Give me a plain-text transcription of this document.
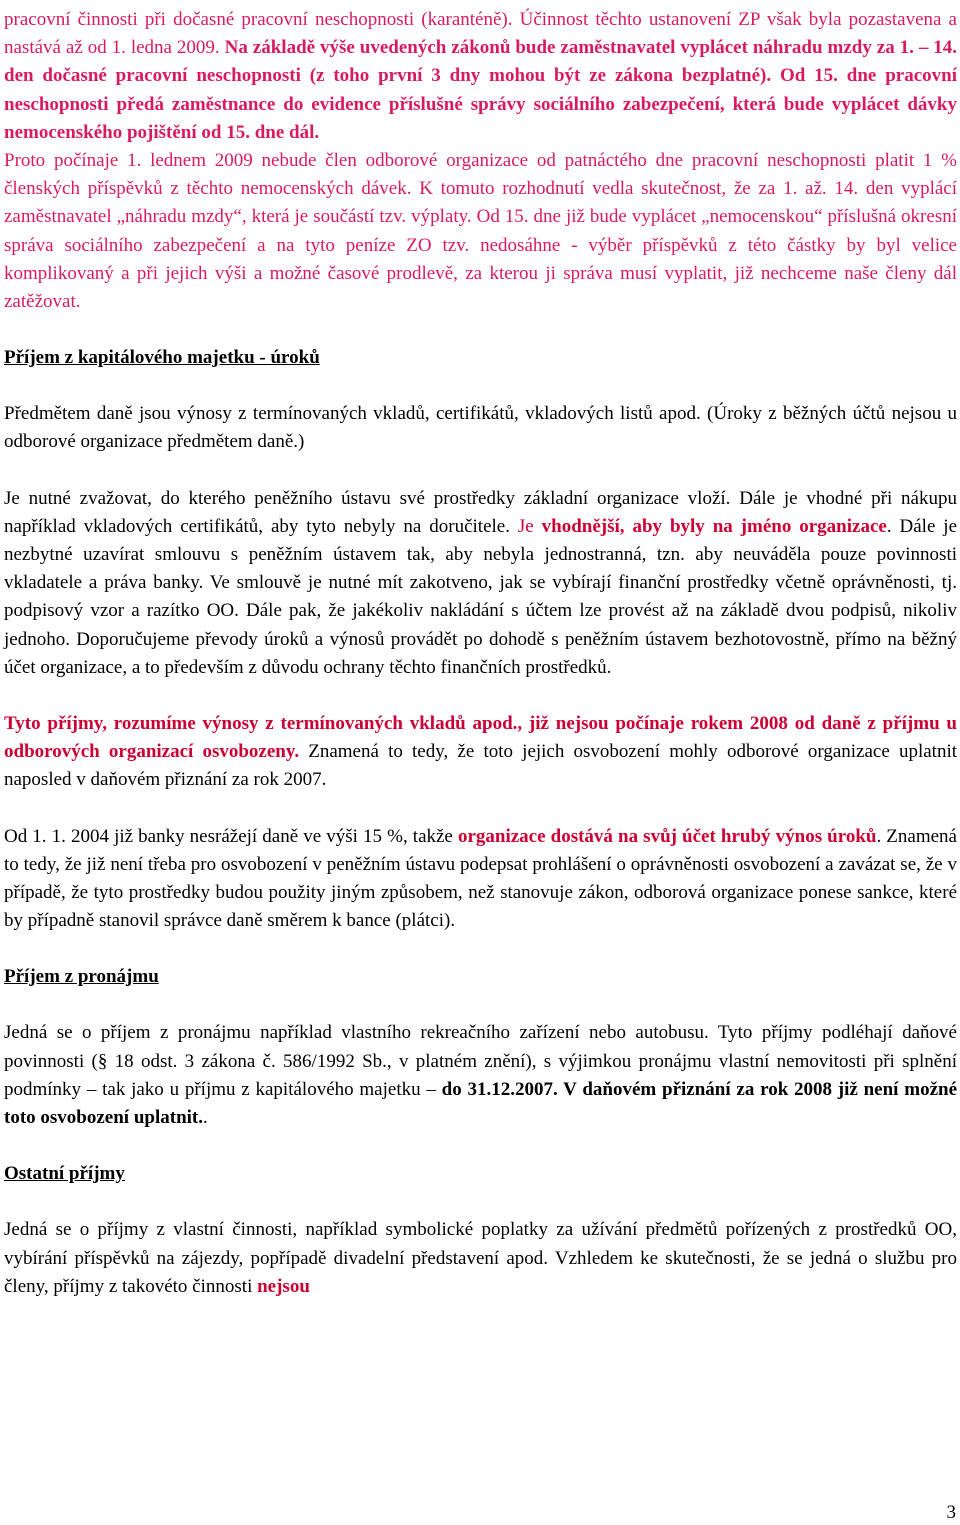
pracovní činnosti při dočasné pracovní neschopnosti (karanténě). Účinnost těchto ustanovení ZP však byla pozastavena a nastává až od 1. ledna 2009. Na základě výše uvedených zákonů bude zaměstnavatel vyplácet náhradu mzdy za 1. – 14. den dočasné pracovní neschopnosti (z toho první 3 dny mohou být ze zákona bezplatné). Od 15. dne pracovní neschopnosti předá zaměstnance do evidence příslušné správy sociálního zabezpečení, která bude vyplácet dávky nemocenského pojištění od 15. dne dál.

Proto počínaje 1. lednem 2009 nebude člen odborové organizace od patnáctého dne pracovní neschopnosti platit 1 % členských příspěvků z těchto nemocenských dávek. K tomuto rozhodnutí vedla skutečnost, že za 1. až. 14. den vyplácí zaměstnavatel „náhradu mzdy“, která je součástí tzv. výplaty. Od 15. dne již bude vyplácet „nemocenskou“ příslušná okresní správa sociálního zabezpečení a na tyto peníze ZO tzv. nedosáhne - výběr příspěvků z této částky by byl velice komplikovaný a při jejich výši a možné časové prodlevě, za kterou ji správa musí vyplatit, již nechceme naše členy dál zatěžovat.

Příjem z kapitálového majetku - úroků

Předmětem daně jsou výnosy z termínovaných vkladů, certifikátů, vkladových listů apod. (Úroky z běžných účtů nejsou u odborové organizace předmětem daně.)

Je nutné zvažovat, do kterého peněžního ústavu své prostředky základní organizace vloží. Dále je vhodné při nákupu například vkladových certifikátů, aby tyto nebyly na doručitele. Je vhodnější, aby byly na jméno organizace. Dále je nezbytné uzavírat smlouvu s peněžním ústavem tak, aby nebyla jednostranná, tzn. aby neuváděla pouze povinnosti vkladatele a práva banky. Ve smlouvě je nutné mít zakotveno, jak se vybírají finanční prostředky včetně oprávněnosti, tj. podpisový vzor a razítko OO. Dále pak, že jakékoliv nakládání s účtem lze provést až na základě dvou podpisů, nikoliv jednoho. Doporučujeme převody úroků a výnosů provádět po dohodě s peněžním ústavem bezhotovostně, přímo na běžný účet organizace, a to především z důvodu ochrany těchto finančních prostředků.

Tyto příjmy, rozumíme výnosy z termínovaných vkladů apod., již nejsou počínaje rokem 2008 od daně z příjmu u odborových organizací osvobozeny. Znamená to tedy, že toto jejich osvobození mohly odborové organizace uplatnit naposled v daňovém přiznání za rok 2007.

Od 1. 1. 2004 již banky nesrážejí daně ve výši 15 %, takže organizace dostává na svůj účet hrubý výnos úroků. Znamená to tedy, že již není třeba pro osvobození v peněžním ústavu podepsat prohlášení o oprávněnosti osvobození a zavázat se, že v případě, že tyto prostředky budou použity jiným způsobem, než stanovuje zákon, odborová organizace ponese sankce, které by případně stanovil správce daně směrem k bance (plátci).

Příjem z pronájmu

Jedná se o příjem z pronájmu například vlastního rekreačního zařízení nebo autobusu. Tyto příjmy podléhají daňové povinnosti (§ 18 odst. 3 zákona č. 586/1992 Sb., v platném znění), s výjimkou pronájmu vlastní nemovitosti při splnění podmínky – tak jako u příjmu z kapitálového majetku – do 31.12.2007. V daňovém přiznání za rok 2008 již není možné toto osvobození uplatnit..

Ostatní příjmy

Jedná se o příjmy z vlastní činnosti, například symbolické poplatky za užívání předmětů pořízených z prostředků OO, vybírání příspěvků na zájezdy, popřípadě divadelní představení apod. Vzhledem ke skutečnosti, že se jedná o službu pro členy, příjmy z takovéto činnosti nejsou

3
